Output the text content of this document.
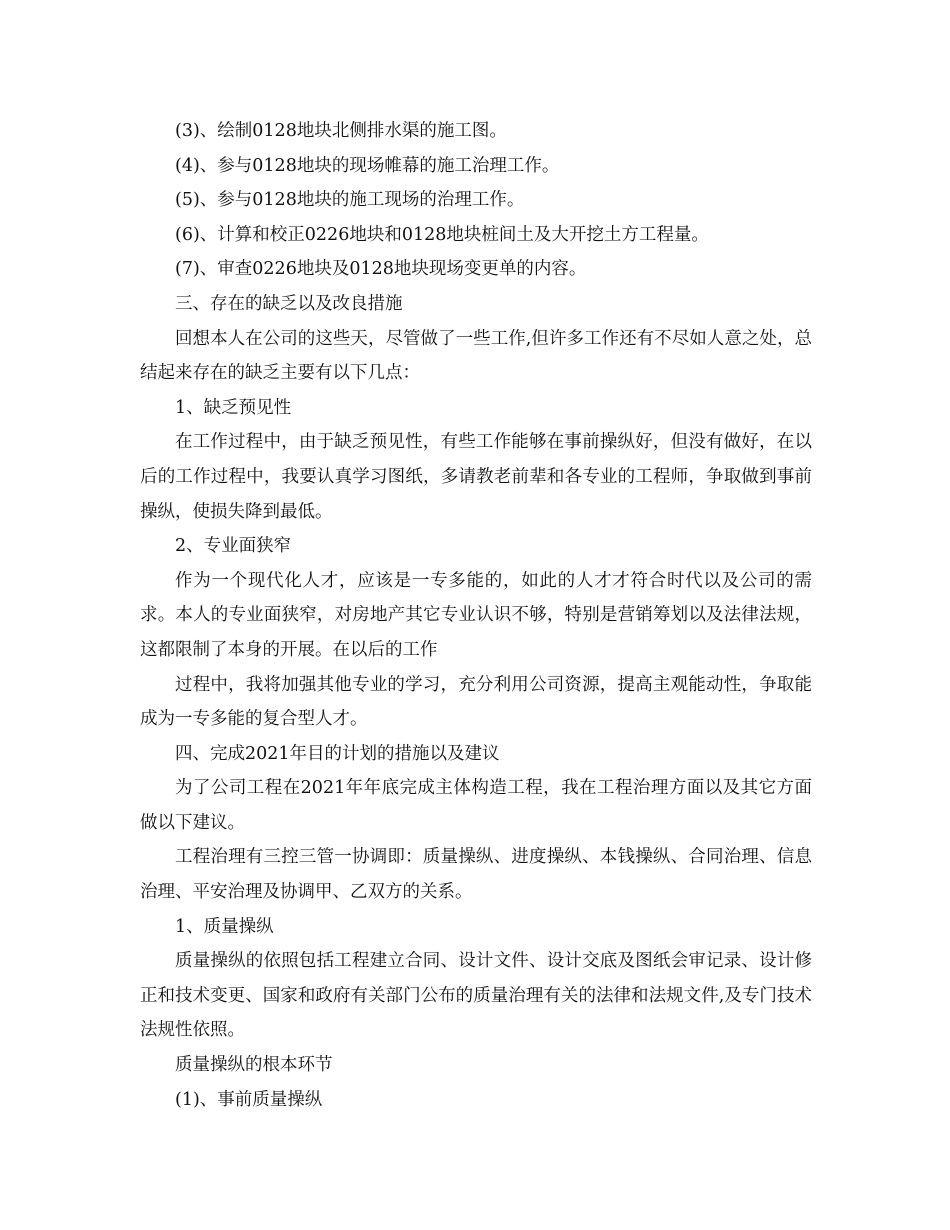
(3)、绘制0128地块北侧排水渠的施工图。

(4)、参与0128地块的现场帷幕的施工治理工作。

(5)、参与0128地块的施工现场的治理工作。

(6)、计算和校正0226地块和0128地块桩间土及大开挖土方工程量。

(7)、审查0226地块及0128地块现场变更单的内容。

三、存在的缺乏以及改良措施

回想本人在公司的这些天，尽管做了一些工作,但许多工作还有不尽如人意之处，总结起来存在的缺乏主要有以下几点：

1、缺乏预见性

在工作过程中，由于缺乏预见性，有些工作能够在事前操纵好，但没有做好，在以后的工作过程中，我要认真学习图纸，多请教老前辈和各专业的工程师，争取做到事前操纵，使损失降到最低。

2、专业面狭窄

作为一个现代化人才，应该是一专多能的，如此的人才才符合时代以及公司的需求。本人的专业面狭窄，对房地产其它专业认识不够，特别是营销筹划以及法律法规，这都限制了本身的开展。在以后的工作

过程中，我将加强其他专业的学习，充分利用公司资源，提高主观能动性，争取能成为一专多能的复合型人才。

四、完成2021年目的计划的措施以及建议

为了公司工程在2021年年底完成主体构造工程，我在工程治理方面以及其它方面做以下建议。

工程治理有三控三管一协调即：质量操纵、进度操纵、本钱操纵、合同治理、信息治理、平安治理及协调甲、乙双方的关系。

1、质量操纵

质量操纵的依照包括工程建立合同、设计文件、设计交底及图纸会审记录、设计修正和技术变更、国家和政府有关部门公布的质量治理有关的法律和法规文件,及专门技术法规性依照。

质量操纵的根本环节

(1)、事前质量操纵
